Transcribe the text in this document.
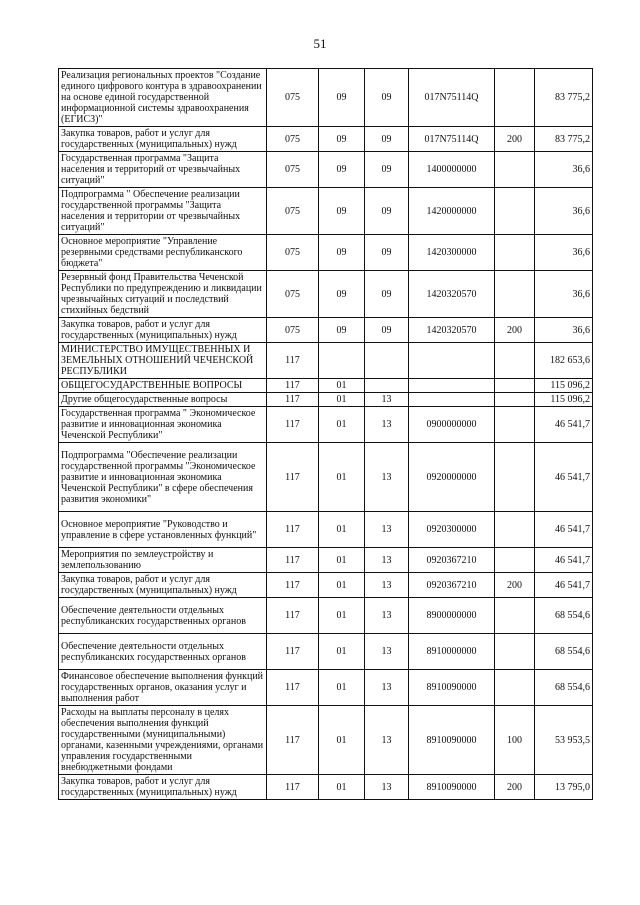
51
Реализация региональных проектов "Создание единого цифрового контура в здравоохранении на основе единой государственной информационной системы здравоохранения (ЕГИСЗ)"	075	09	09	017N75114Q		83 775,2
Закупка товаров, работ и услуг для государственных (муниципальных) нужд	075	09	09	017N75114Q	200	83 775,2
Государственная программа "Защита населения и территорий от чрезвычайных ситуаций"	075	09	09	1400000000		36,6
Подпрограмма " Обеспечение реализации государственной программы "Защита населения и территории от чрезвычайных ситуаций"	075	09	09	1420000000		36,6
Основное мероприятие "Управление резервными средствами республиканского бюджета"	075	09	09	1420300000		36,6
Резервный фонд Правительства Чеченской Республики по предупреждению и ликвидации чрезвычайных ситуаций и последствий стихийных бедствий	075	09	09	1420320570		36,6
Закупка товаров, работ и услуг для государственных (муниципальных) нужд	075	09	09	1420320570	200	36,6
МИНИСТЕРСТВО ИМУЩЕСТВЕННЫХ И ЗЕМЕЛЬНЫХ ОТНОШЕНИЙ ЧЕЧЕНСКОЙ РЕСПУБЛИКИ	117					182 653,6
ОБЩЕГОСУДАРСТВЕННЫЕ ВОПРОСЫ	117	01				115 096,2
Другие общегосударственные вопросы	117	01	13			115 096,2
Государственная программа " Экономическое развитие и инновационная экономика Чеченской Республики"	117	01	13	0900000000		46 541,7
Подпрограмма "Обеспечение реализации государственной программы "Экономическое развитие и инновационная экономика Чеченской Республики" в сфере обеспечения развития экономики"	117	01	13	0920000000		46 541,7
Основное мероприятие "Руководство и управление в сфере установленных функций"	117	01	13	0920300000		46 541,7
Мероприятия по землеустройству и землепользованию	117	01	13	0920367210		46 541,7
Закупка товаров, работ и услуг для государственных (муниципальных) нужд	117	01	13	0920367210	200	46 541,7
Обеспечение деятельности отдельных республиканских государственных органов	117	01	13	8900000000		68 554,6
Обеспечение деятельности отдельных республиканских государственных органов	117	01	13	8910000000		68 554,6
Финансовое обеспечение выполнения функций государственных органов, оказания услуг и выполнения работ	117	01	13	8910090000		68 554,6
Расходы на выплаты персоналу в целях обеспечения выполнения функций государственными (муниципальными) органами, казенными учреждениями, органами управления государственными внебюджетными фондами	117	01	13	8910090000	100	53 953,5
Закупка товаров, работ и услуг для государственных (муниципальных) нужд	117	01	13	8910090000	200	13 795,0
